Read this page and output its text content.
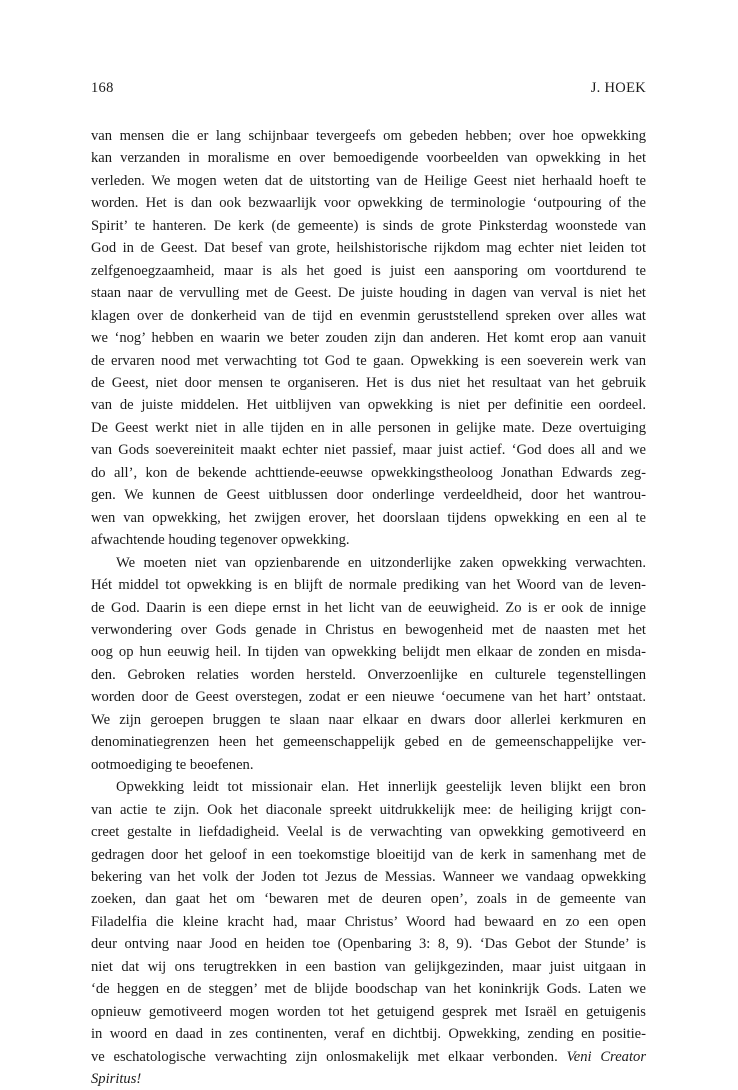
168	J. HOEK
van mensen die er lang schijnbaar tevergeefs om gebeden hebben; over hoe opwekking
kan verzanden in moralisme en over bemoedigende voorbeelden van opwekking in het
verleden. We mogen weten dat de uitstorting van de Heilige Geest niet herhaald hoeft te
worden. Het is dan ook bezwaarlijk voor opwekking de terminologie ‘outpouring of the
Spirit’ te hanteren. De kerk (de gemeente) is sinds de grote Pinksterdag woonstede van
God in de Geest. Dat besef van grote, heilshistorische rijkdom mag echter niet leiden tot
zelfgenoegzaamheid, maar is als het goed is juist een aansporing om voortdurend te
staan naar de vervulling met de Geest. De juiste houding in dagen van verval is niet het
klagen over de donkerheid van de tijd en evenmin geruststellend spreken over alles wat
we ‘nog’ hebben en waarin we beter zouden zijn dan anderen. Het komt erop aan vanuit
de ervaren nood met verwachting tot God te gaan. Opwekking is een soeverein werk van
de Geest, niet door mensen te organiseren. Het is dus niet het resultaat van het gebruik
van de juiste middelen. Het uitblijven van opwekking is niet per definitie een oordeel.
De Geest werkt niet in alle tijden en in alle personen in gelijke mate. Deze overtuiging
van Gods soevereiniteit maakt echter niet passief, maar juist actief. ‘God does all and we
do all’, kon de bekende achttiende-eeuwse opwekkingstheoloog Jonathan Edwards zeg-
gen. We kunnen de Geest uitblussen door onderlinge verdeeldheid, door het wantrou-
wen van opwekking, het zwijgen erover, het doorslaan tijdens opwekking en een al te
afwachtende houding tegenover opwekking.
We moeten niet van opzienbarende en uitzonderlijke zaken opwekking verwachten.
Hét middel tot opwekking is en blijft de normale prediking van het Woord van de leven-
de God. Daarin is een diepe ernst in het licht van de eeuwigheid. Zo is er ook de innige
verwondering over Gods genade in Christus en bewogenheid met de naasten met het
oog op hun eeuwig heil. In tijden van opwekking belijdt men elkaar de zonden en misda-
den. Gebroken relaties worden hersteld. Onverzoenlijke en culturele tegenstellingen
worden door de Geest overstegen, zodat er een nieuwe ‘oecumene van het hart’ ontstaat.
We zijn geroepen bruggen te slaan naar elkaar en dwars door allerlei kerkmuren en
denominatiegrenzen heen het gemeenschappelijk gebed en de gemeenschappelijke ver-
ootmoediging te beoefenen.
Opwekking leidt tot missionair elan. Het innerlijk geestelijk leven blijkt een bron
van actie te zijn. Ook het diaconale spreekt uitdrukkelijk mee: de heiliging krijgt con-
creet gestalte in liefdadigheid. Veelal is de verwachting van opwekking gemotiveerd en
gedragen door het geloof in een toekomstige bloeitijd van de kerk in samenhang met de
bekering van het volk der Joden tot Jezus de Messias. Wanneer we vandaag opwekking
zoeken, dan gaat het om ‘bewaren met de deuren open’, zoals in de gemeente van
Filadelfia die kleine kracht had, maar Christus’ Woord had bewaard en zo een open
deur ontving naar Jood en heiden toe (Openbaring 3: 8, 9). ‘Das Gebot der Stunde’ is
niet dat wij ons terugtrekken in een bastion van gelijkgezinden, maar juist uitgaan in
‘de heggen en de steggen’ met de blijde boodschap van het koninkrijk Gods. Laten we
opnieuw gemotiveerd mogen worden tot het getuigend gesprek met Israël en getuigenis
in woord en daad in zes continenten, veraf en dichtbij. Opwekking, zending en positie-
ve eschatologische verwachting zijn onlosmakelijk met elkaar verbonden. Veni Creator
Spiritus!
